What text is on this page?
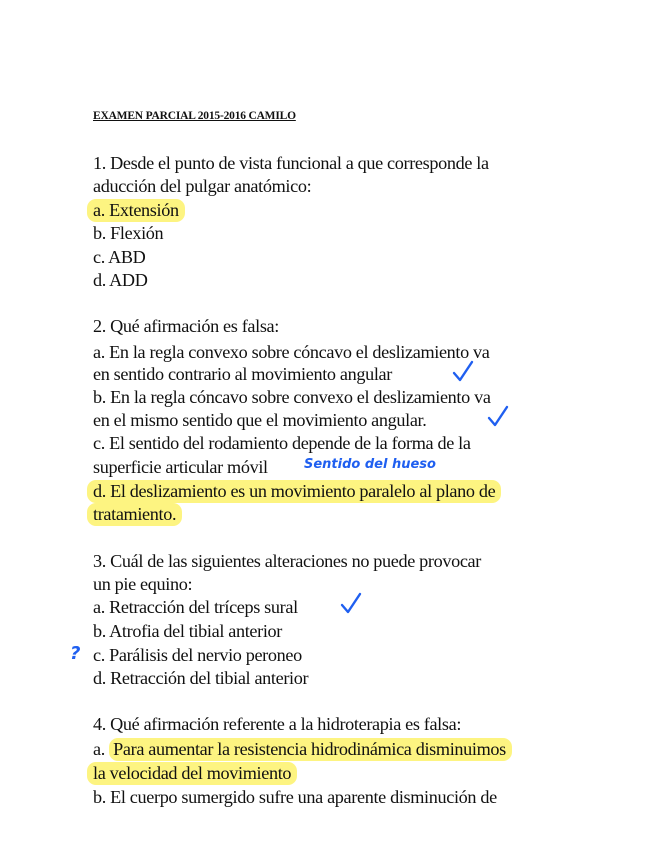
EXAMEN PARCIAL 2015-2016 CAMILO
1. Desde el punto de vista funcional a que corresponde la
aducción del pulgar anatómico:
a. Extensión
b. Flexión
c. ABD
d. ADD
2. Qué afirmación es falsa:
a. En la regla convexo sobre cóncavo el deslizamiento va
en sentido contrario al movimiento angular
b. En la regla cóncavo sobre convexo el deslizamiento va
en el mismo sentido que el movimiento angular.
c. El sentido del rodamiento depende de la forma de la
superficie articular móvil	Sentido del hueso
d. El deslizamiento es un movimiento paralelo al plano de
tratamiento.
3. Cuál de las siguientes alteraciones no puede provocar
un pie equino:
a. Retracción del tríceps sural
b. Atrofia del tibial anterior
? c. Parálisis del nervio peroneo
d. Retracción del tibial anterior
4. Qué afirmación referente a la hidroterapia es falsa:
a. Para aumentar la resistencia hidrodinámica disminuimos
la velocidad del movimiento
b. El cuerpo sumergido sufre una aparente disminución de
